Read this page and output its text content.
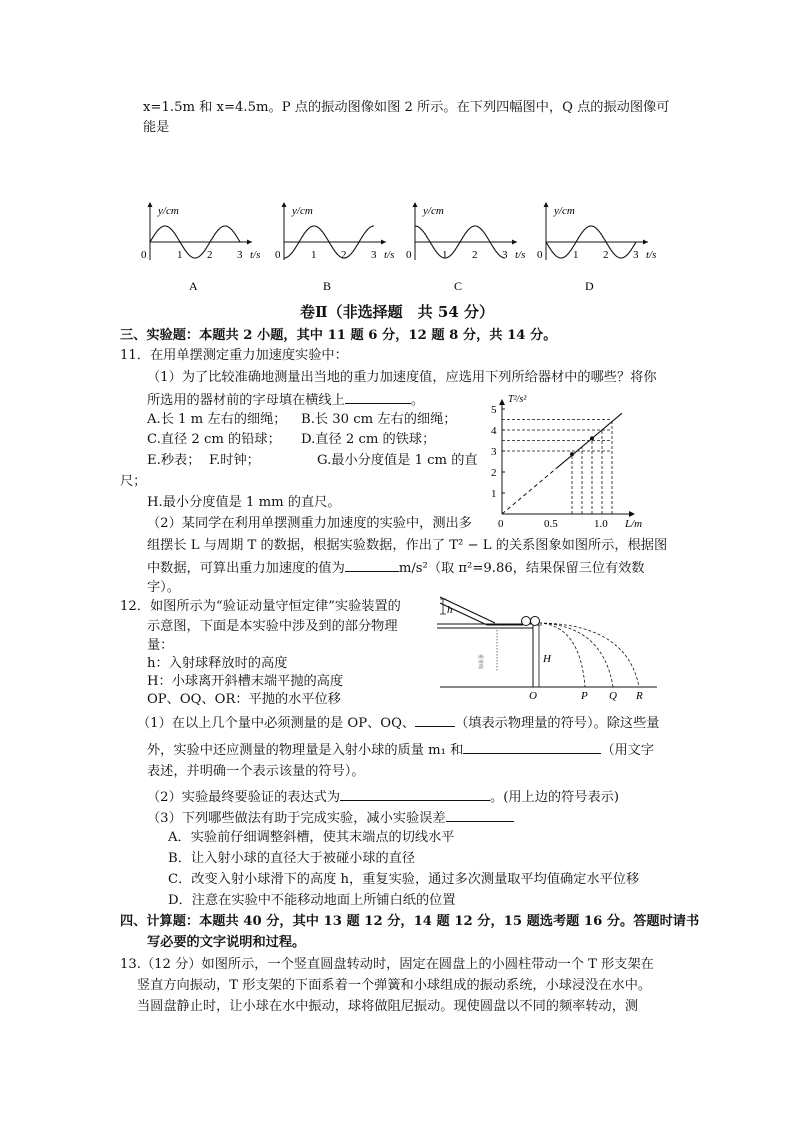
x=1.5m 和 x=4.5m。P 点的振动图像如图 2 所示。在下列四幅图中，Q 点的振动图像可
能是
y/cm
t/s
0	1 2 3
A
y/cm
t/s
0	1 2 3
B
y/cm
t/s
0	1 2 3
C
y/cm
t/s
0	1 2 3
D
卷Ⅱ（非选择题　共 54 分）
三、实验题：本题共 2 小题，其中 11 题 6 分，12 题 8 分，共 14 分。
11．在用单摆测定重力加速度实验中：
（1）为了比较准确地测量出当地的重力加速度值，应选用下列所给器材中的哪些？将你
所选用的器材前的字母填在横线上	。
A.长 1 m 左右的细绳； B.长 30 cm 左右的细绳；
C.直径 2 cm 的铅球； D.直径 2 cm 的铁球；
E.秒表； F.时钟；	G.最小分度值是 1 cm 的直
尺；
H.最小分度值是 1 mm 的直尺。
（2）某同学在利用单摆测重力加速度的实验中，测出多
组摆长 L 与周期 T 的数据，根据实验数据，作出了 T² − L 的关系图象如图所示，根据图
中数据，可算出重力加速度的值为	m/s²（取 π²=9.86，结果保留三位有效数
字）。
1
2
3
4
5
0.5	1.0
0
T²/s²
L/m
12．如图所示为“验证动量守恒定律”实验装置的
示意图，下面是本实验中涉及到的部分物理
量：
h：入射球释放时的高度
H：小球离开斜槽末端平抛的高度
OP、OQ、OR：平抛的水平位移
h
重垂线	H
O	P Q R
（1）在以上几个量中必须测量的是 OP、OQ、	（填表示物理量的符号）。除这些量
外，实验中还应测量的物理量是入射小球的质量 m₁ 和	（用文字
表述，并明确一个表示该量的符号）。
（2）实验最终要验证的表达式为	。(用上边的符号表示)
（3）下列哪些做法有助于完成实验，减小实验误差
A．实验前仔细调整斜槽，使其末端点的切线水平
B．让入射小球的直径大于被碰小球的直径
C．改变入射小球滑下的高度 h，重复实验，通过多次测量取平均值确定水平位移
D．注意在实验中不能移动地面上所铺白纸的位置
四、计算题：本题共 40 分，其中 13 题 12 分，14 题 12 分，15 题选考题 16 分。答题时请书
写必要的文字说明和过程。
13.（12 分）如图所示，一个竖直圆盘转动时，固定在圆盘上的小圆柱带动一个 T 形支架在
竖直方向振动，T 形支架的下面系着一个弹簧和小球组成的振动系统，小球浸没在水中。
当圆盘静止时，让小球在水中振动，球将做阻尼振动。现使圆盘以不同的频率转动，测
